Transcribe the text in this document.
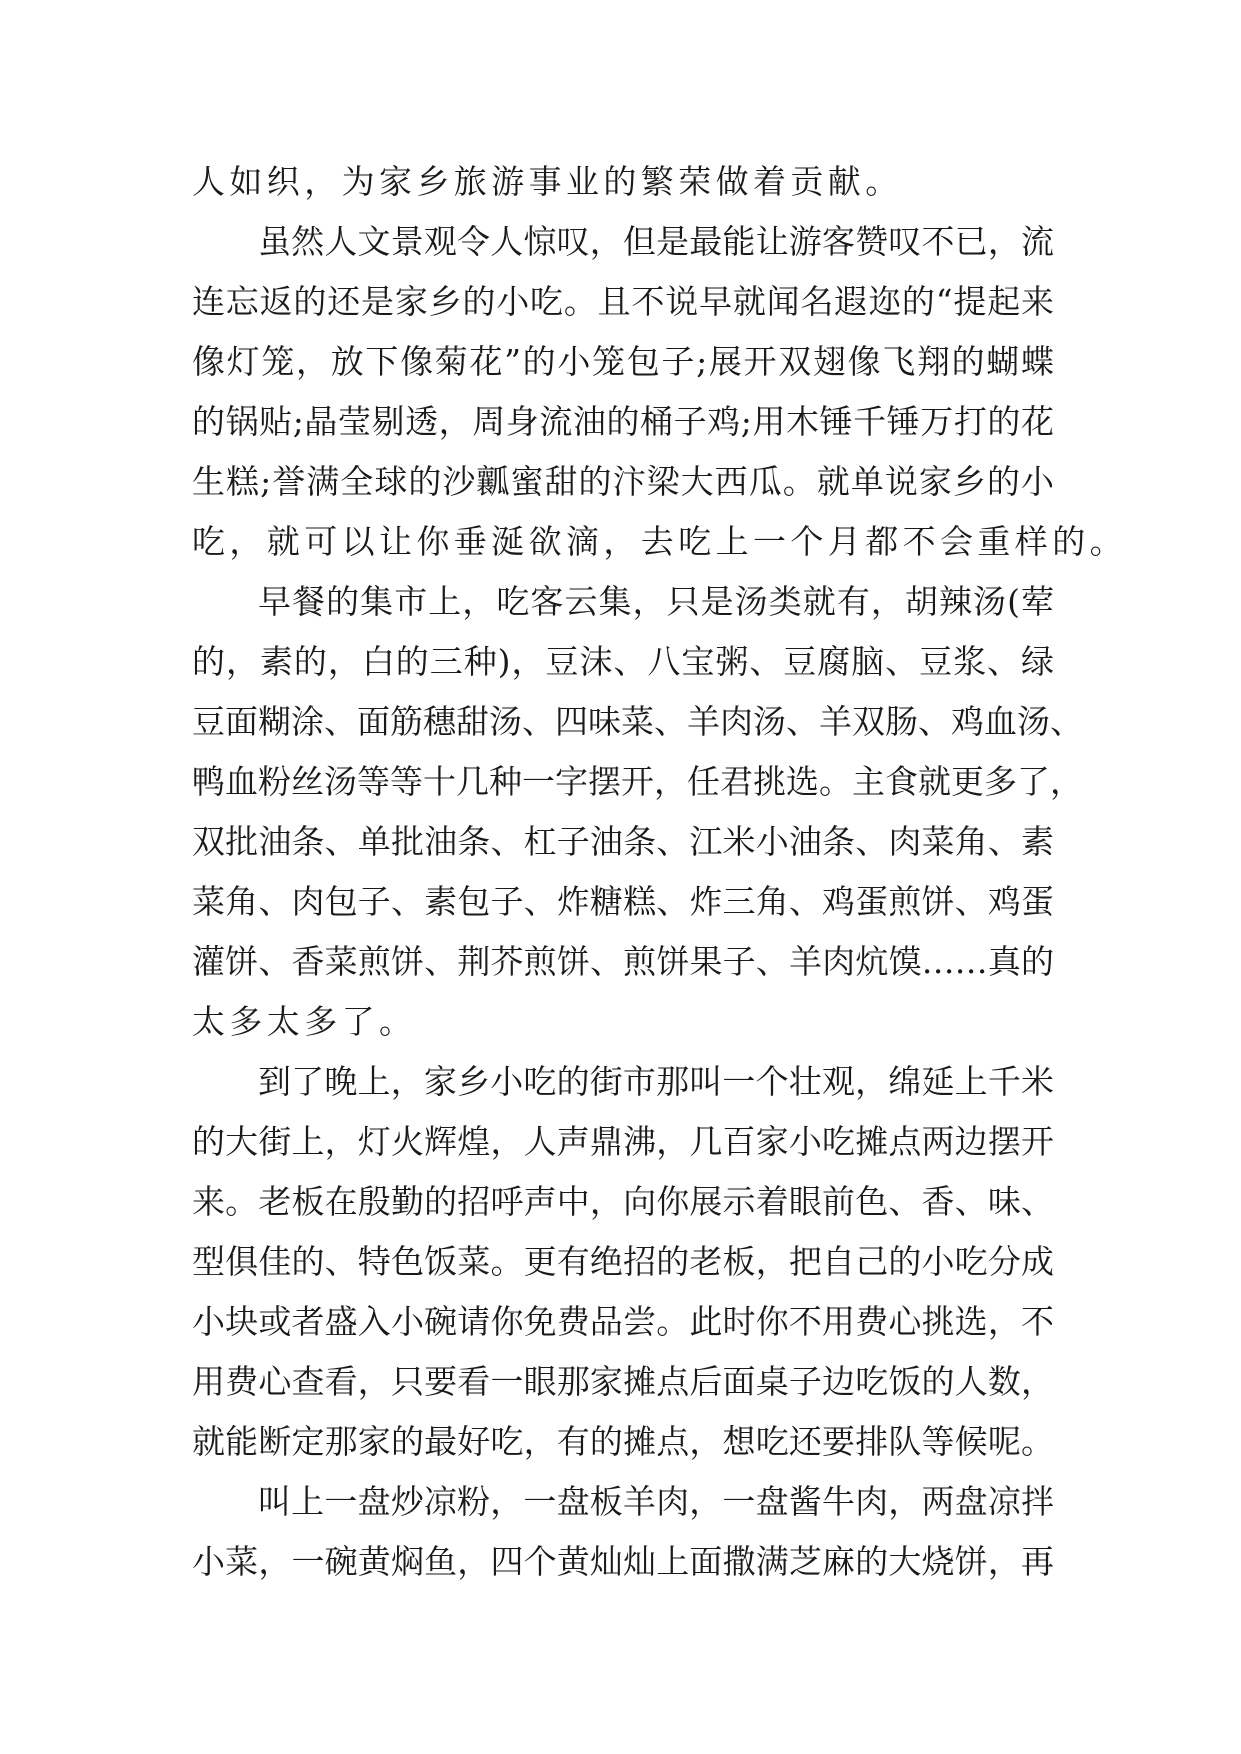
人如织，为家乡旅游事业的繁荣做着贡献。
虽然人文景观令人惊叹，但是最能让游客赞叹不已，流
连忘返的还是家乡的小吃。且不说早就闻名遐迩的“提起来
像灯笼，放下像菊花”的小笼包子;展开双翅像飞翔的蝴蝶
的锅贴;晶莹剔透，周身流油的桶子鸡;用木锤千锤万打的花
生糕;誉满全球的沙瓤蜜甜的汴梁大西瓜。就单说家乡的小
吃，就可以让你垂涎欲滴，去吃上一个月都不会重样的。
早餐的集市上，吃客云集，只是汤类就有，胡辣汤(荤
的，素的，白的三种)，豆沫、八宝粥、豆腐脑、豆浆、绿
豆面糊涂、面筋穗甜汤、四味菜、羊肉汤、羊双肠、鸡血汤、
鸭血粉丝汤等等十几种一字摆开，任君挑选。主食就更多了，
双批油条、单批油条、杠子油条、江米小油条、肉菜角、素
菜角、肉包子、素包子、炸糖糕、炸三角、鸡蛋煎饼、鸡蛋
灌饼、香菜煎饼、荆芥煎饼、煎饼果子、羊肉炕馍……真的
太多太多了。
到了晚上，家乡小吃的街市那叫一个壮观，绵延上千米
的大街上，灯火辉煌，人声鼎沸，几百家小吃摊点两边摆开
来。老板在殷勤的招呼声中，向你展示着眼前色、香、味、
型俱佳的、特色饭菜。更有绝招的老板，把自己的小吃分成
小块或者盛入小碗请你免费品尝。此时你不用费心挑选，不
用费心查看，只要看一眼那家摊点后面桌子边吃饭的人数，
就能断定那家的最好吃，有的摊点，想吃还要排队等候呢。
叫上一盘炒凉粉，一盘板羊肉，一盘酱牛肉，两盘凉拌
小菜，一碗黄焖鱼，四个黄灿灿上面撒满芝麻的大烧饼，再
